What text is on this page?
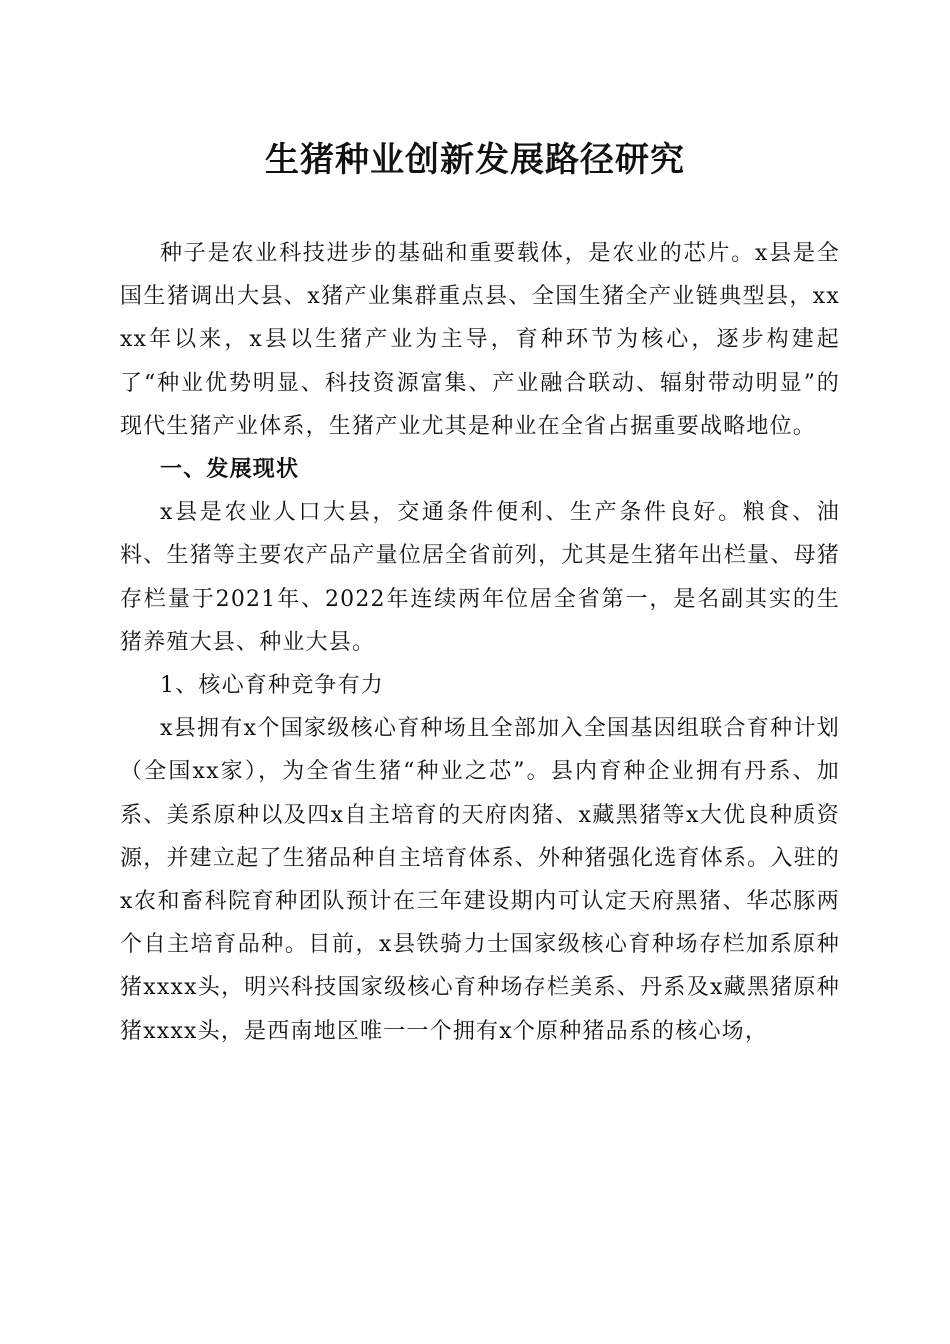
生猪种业创新发展路径研究

种子是农业科技进步的基础和重要载体，是农业的芯片。x县是全国生猪调出大县、x猪产业集群重点县、全国生猪全产业链典型县，xxxx年以来，x县以生猪产业为主导，育种环节为核心，逐步构建起了“种业优势明显、科技资源富集、产业融合联动、辐射带动明显”的现代生猪产业体系，生猪产业尤其是种业在全省占据重要战略地位。

一、发展现状

x县是农业人口大县，交通条件便利、生产条件良好。粮食、油料、生猪等主要农产品产量位居全省前列，尤其是生猪年出栏量、母猪存栏量于2021年、2022年连续两年位居全省第一，是名副其实的生猪养殖大县、种业大县。

1、核心育种竞争有力

x县拥有x个国家级核心育种场且全部加入全国基因组联合育种计划（全国xx家），为全省生猪“种业之芯”。县内育种企业拥有丹系、加系、美系原种以及四x自主培育的天府肉猪、x藏黑猪等x大优良种质资源，并建立起了生猪品种自主培育体系、外种猪强化选育体系。入驻的x农和畜科院育种团队预计在三年建设期内可认定天府黑猪、华芯豚两个自主培育品种。目前，x县铁骑力士国家级核心育种场存栏加系原种猪xxxx头，明兴科技国家级核心育种场存栏美系、丹系及x藏黑猪原种猪xxxx头，是西南地区唯一一个拥有x个原种猪品系的核心场，
